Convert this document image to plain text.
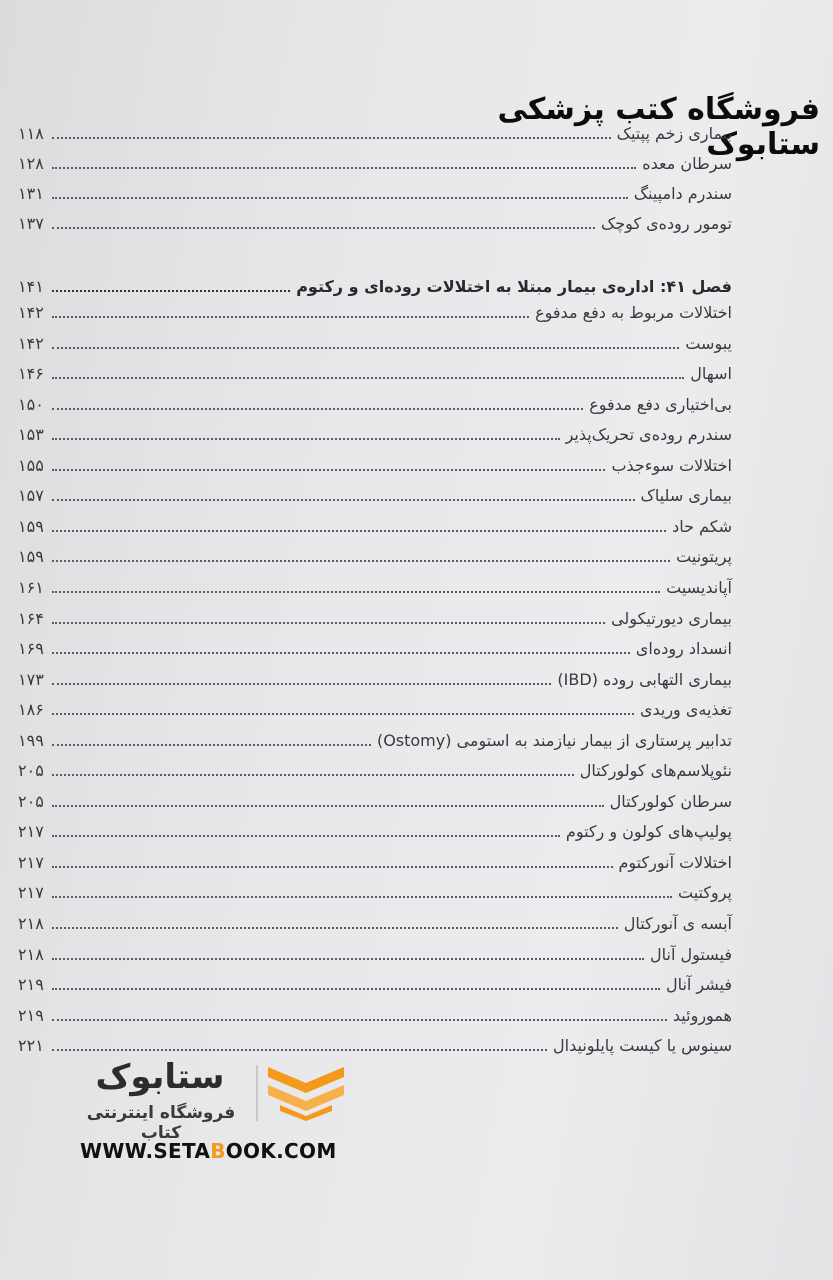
فروشگاه کتب پزشکی ستابوک
بیماری زخم پپتیک
۱۱۸
سرطان معده
۱۲۸
سندرم دامپینگ
۱۳۱
تومور روده‌ی کوچک
۱۳۷
فصل ۴۱: اداره‌ی بیمار مبتلا به اختلالات روده‌ای و رکتوم
۱۴۱
اختلالات مربوط به دفع مدفوع
۱۴۲
یبوست
۱۴۲
اسهال
۱۴۶
بی‌اختیاری دفع مدفوع
۱۵۰
سندرم روده‌ی تحریک‌پذیر
۱۵۳
اختلالات سوءجذب
۱۵۵
بیماری سلیاک
۱۵۷
شکم حاد
۱۵۹
پریتونیت
۱۵۹
آپاندیسیت
۱۶۱
بیماری دیورتیکولی
۱۶۴
انسداد روده‌ای
۱۶۹
بیماری التهابی روده (IBD)
۱۷۳
تغذیه‌ی وریدی
۱۸۶
تدابیر پرستاری از بیمار نیازمند به استومی (Ostomy)
۱۹۹
نئوپلاسم‌های کولورکتال
۲۰۵
سرطان کولورکتال
۲۰۵
پولیپ‌های کولون و رکتوم
۲۱۷
اختلالات آنورکتوم
۲۱۷
پروکتیت
۲۱۷
آبسه ی آنورکتال
۲۱۸
فیستول آنال
۲۱۸
فیشر آنال
۲۱۹
هموروئید
۲۱۹
سینوس یا کیست پایلونیدال
۲۲۱
ستابوک
فروشگاه اینترنتی کتاب
WWW.SETABOOK.COM
